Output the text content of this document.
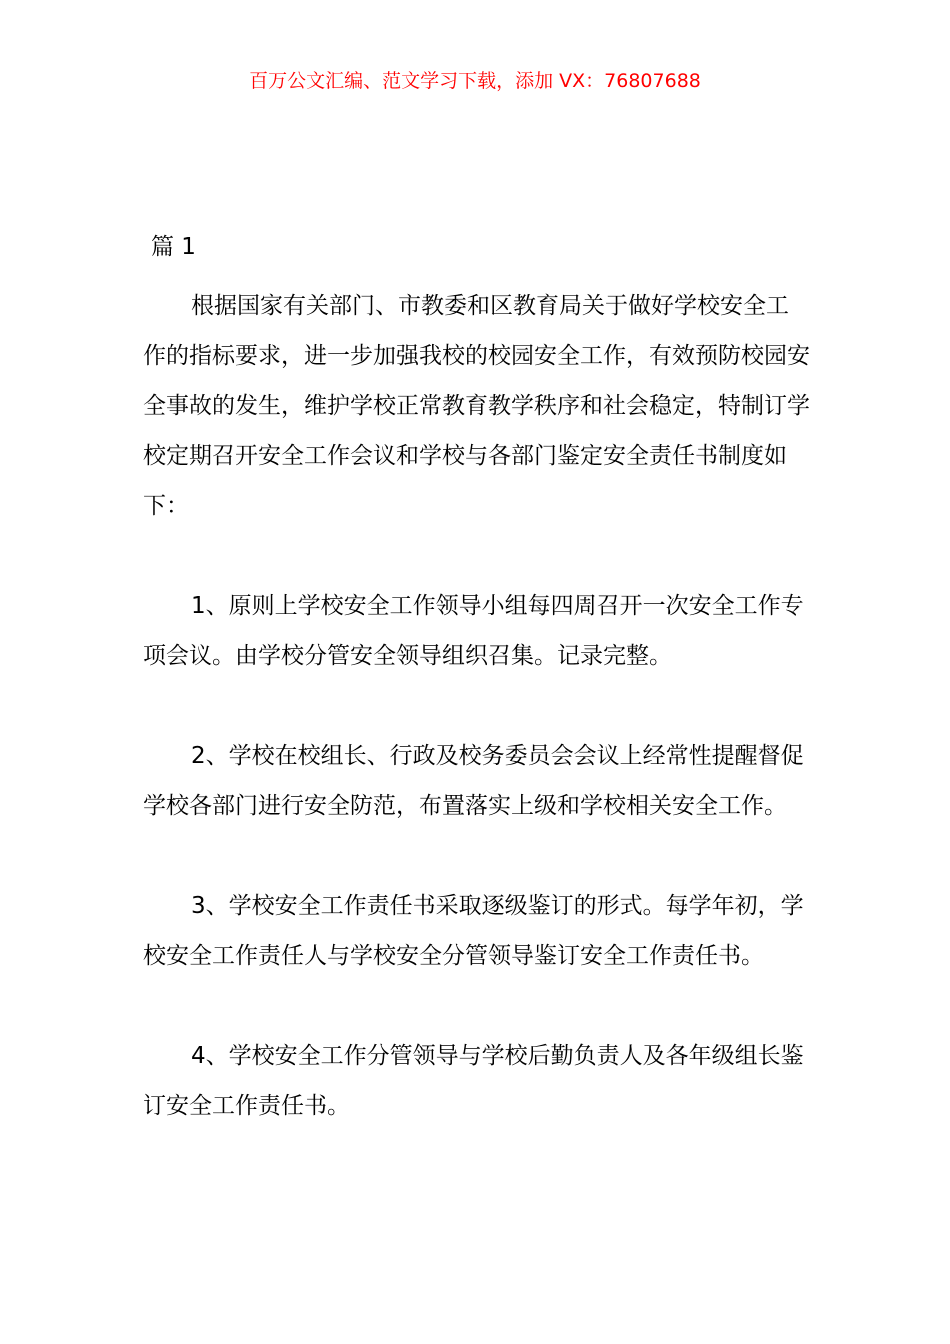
百万公文汇编、范文学习下载，添加 VX：76807688
篇 1

根据国家有关部门、市教委和区教育局关于做好学校安全工作的指标要求，进一步加强我校的校园安全工作，有效预防校园安全事故的发生，维护学校正常教育教学秩序和社会稳定，特制订学校定期召开安全工作会议和学校与各部门鉴定安全责任书制度如下：

1、原则上学校安全工作领导小组每四周召开一次安全工作专项会议。由学校分管安全领导组织召集。记录完整。

2、学校在校组长、行政及校务委员会会议上经常性提醒督促学校各部门进行安全防范，布置落实上级和学校相关安全工作。

3、学校安全工作责任书采取逐级鉴订的形式。每学年初，学校安全工作责任人与学校安全分管领导鉴订安全工作责任书。

4、学校安全工作分管领导与学校后勤负责人及各年级组长鉴订安全工作责任书。
